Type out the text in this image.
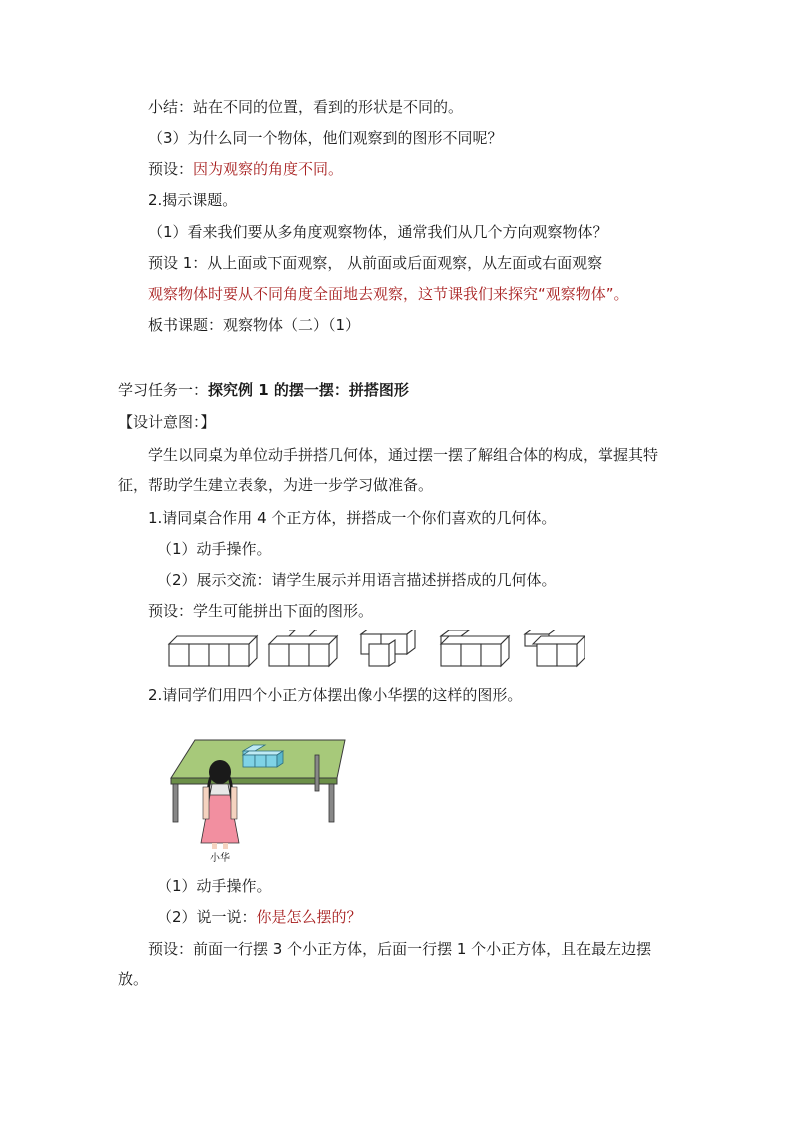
小结：站在不同的位置，看到的形状是不同的。
（3）为什么同一个物体，他们观察到的图形不同呢？
预设：因为观察的角度不同。
2.揭示课题。
（1）看来我们要从多角度观察物体，通常我们从几个方向观察物体？
预设 1：从上面或下面观察， 从前面或后面观察，从左面或右面观察
观察物体时要从不同角度全面地去观察，这节课我们来探究“观察物体”。
板书课题：观察物体（二）（1）
学习任务一：探究例 1 的摆一摆：拼搭图形
【设计意图：】
学生以同桌为单位动手拼搭几何体，通过摆一摆了解组合体的构成，掌握其特征，帮助学生建立表象，为进一步学习做准备。
1.请同桌合作用 4 个正方体，拼搭成一个你们喜欢的几何体。
（1）动手操作。
（2）展示交流：请学生展示并用语言描述拼搭成的几何体。
预设：学生可能拼出下面的图形。
2.请同学们用四个小正方体摆出像小华摆的这样的图形。
小华
（1）动手操作。
（2）说一说：你是怎么摆的？
预设：前面一行摆 3 个小正方体，后面一行摆 1 个小正方体，且在最左边摆放。
